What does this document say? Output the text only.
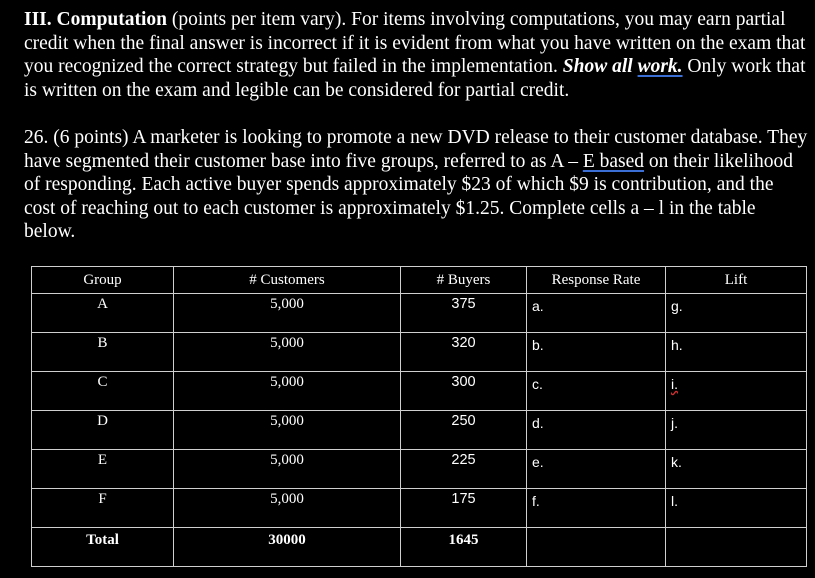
III. Computation (points per item vary). For items involving computations, you may earn partial credit when the final answer is incorrect if it is evident from what you have written on the exam that you recognized the correct strategy but failed in the implementation. Show all work. Only work that is written on the exam and legible can be considered for partial credit.

26. (6 points) A marketer is looking to promote a new DVD release to their customer database. They have segmented their customer base into five groups, referred to as A – E based on their likelihood of responding. Each active buyer spends approximately $23 of which $9 is contribution, and the cost of reaching out to each customer is approximately $1.25. Complete cells a – l in the table below.

Group	# Customers	# Buyers	Response Rate	Lift

A	5,000	375	a.	g.

B	5,000	320	b.	h.

C	5,000	300	c.	i.

D	5,000	250	d.	j.

E	5,000	225	e.	k.

F	5,000	175	f.	l.

Total	30000	1645		
